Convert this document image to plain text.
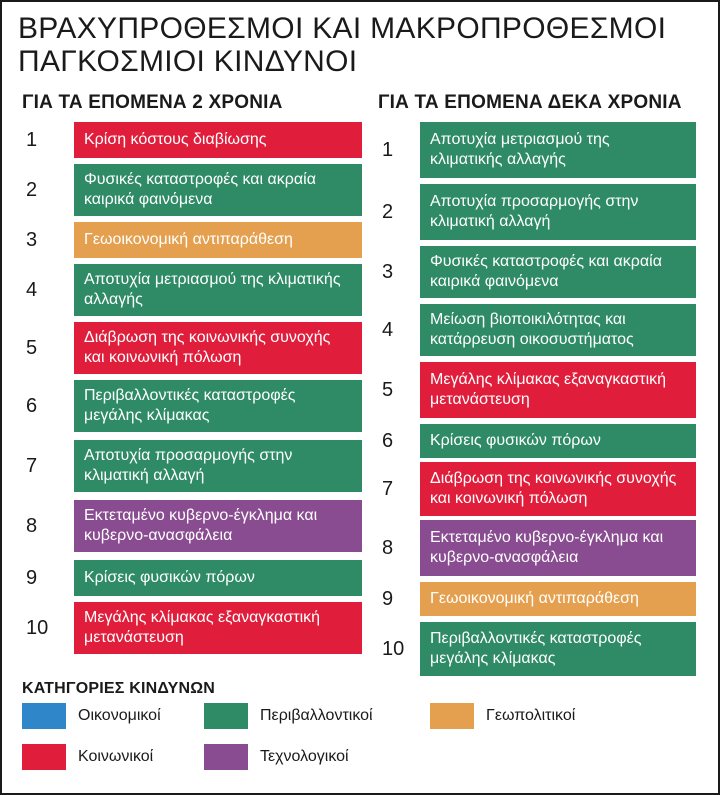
ΒΡΑΧΥΠΡΟΘΕΣΜΟΙ ΚΑΙ ΜΑΚΡΟΠΡΟΘΕΣΜΟΙ
ΠΑΓΚΟΣΜΙΟΙ ΚΙΝΔΥΝΟΙ
ΓΙΑ ΤΑ ΕΠΟΜΕΝΑ 2 ΧΡΟΝΙΑ	ΓΙΑ ΤΑ ΕΠΟΜΕΝΑ ΔΕΚΑ ΧΡΟΝΙΑ
1	Κρίση κόστους διαβίωσης
2	Φυσικές καταστροφές και ακραία καιρικά φαινόμενα
3	Γεωοικονομική αντιπαράθεση
4	Αποτυχία μετριασμού της κλιματικής αλλαγής
5	Διάβρωση της κοινωνικής συνοχής και κοινωνική πόλωση
6	Περιβαλλοντικές καταστροφές μεγάλης κλίμακας
7	Αποτυχία προσαρμογής στην κλιματική αλλαγή
8	Εκτεταμένο κυβερνο-έγκλημα και κυβερνο-ανασφάλεια
9	Κρίσεις φυσικών πόρων
10	Μεγάλης κλίμακας εξαναγκαστική μετανάστευση
1	Αποτυχία μετριασμού της κλιματικής αλλαγής
2	Αποτυχία προσαρμογής στην κλιματική αλλαγή
3	Φυσικές καταστροφές και ακραία καιρικά φαινόμενα
4	Μείωση βιοποικιλότητας και κατάρρευση οικοσυστήματος
5	Μεγάλης κλίμακας εξαναγκαστική μετανάστευση
6	Κρίσεις φυσικών πόρων
7	Διάβρωση της κοινωνικής συνοχής και κοινωνική πόλωση
8	Εκτεταμένο κυβερνο-έγκλημα και κυβερνο-ανασφάλεια
9	Γεωοικονομική αντιπαράθεση
10	Περιβαλλοντικές καταστροφές μεγάλης κλίμακας
ΚΑΤΗΓΟΡΙΕΣ ΚΙΝΔΥΝΩΝ
Οικονομικοί	Περιβαλλοντικοί	Γεωπολιτικοί
Κοινωνικοί	Τεχνολογικοί
